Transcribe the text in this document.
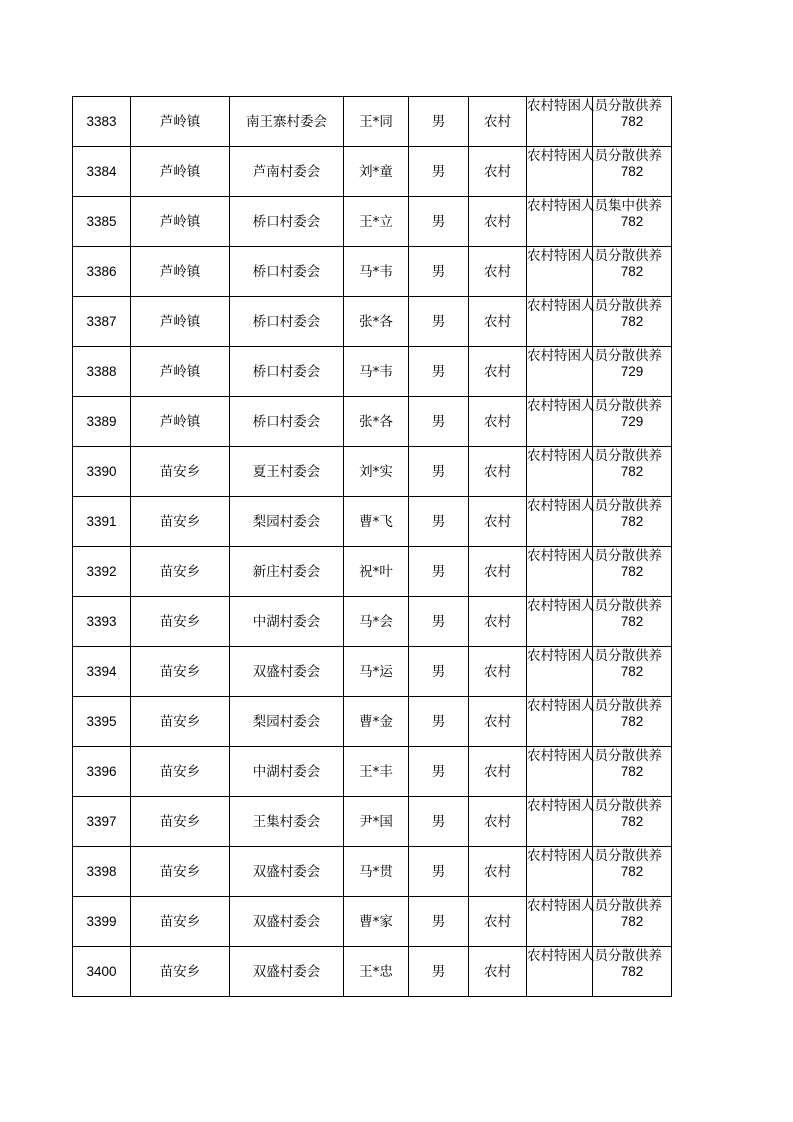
3383	芦岭镇	南王寨村委会	王*同	男	农村	农村特困人员分散供养	782
3384	芦岭镇	芦南村委会	刘*童	男	农村	农村特困人员分散供养	782
3385	芦岭镇	桥口村委会	王*立	男	农村	农村特困人员集中供养	782
3386	芦岭镇	桥口村委会	马*韦	男	农村	农村特困人员分散供养	782
3387	芦岭镇	桥口村委会	张*各	男	农村	农村特困人员分散供养	782
3388	芦岭镇	桥口村委会	马*韦	男	农村	农村特困人员分散供养	729
3389	芦岭镇	桥口村委会	张*各	男	农村	农村特困人员分散供养	729
3390	苗安乡	夏王村委会	刘*实	男	农村	农村特困人员分散供养	782
3391	苗安乡	梨园村委会	曹*飞	男	农村	农村特困人员分散供养	782
3392	苗安乡	新庄村委会	祝*叶	男	农村	农村特困人员分散供养	782
3393	苗安乡	中湖村委会	马*会	男	农村	农村特困人员分散供养	782
3394	苗安乡	双盛村委会	马*运	男	农村	农村特困人员分散供养	782
3395	苗安乡	梨园村委会	曹*金	男	农村	农村特困人员分散供养	782
3396	苗安乡	中湖村委会	王*丰	男	农村	农村特困人员分散供养	782
3397	苗安乡	王集村委会	尹*国	男	农村	农村特困人员分散供养	782
3398	苗安乡	双盛村委会	马*贯	男	农村	农村特困人员分散供养	782
3399	苗安乡	双盛村委会	曹*家	男	农村	农村特困人员分散供养	782
3400	苗安乡	双盛村委会	王*忠	男	农村	农村特困人员分散供养	782
